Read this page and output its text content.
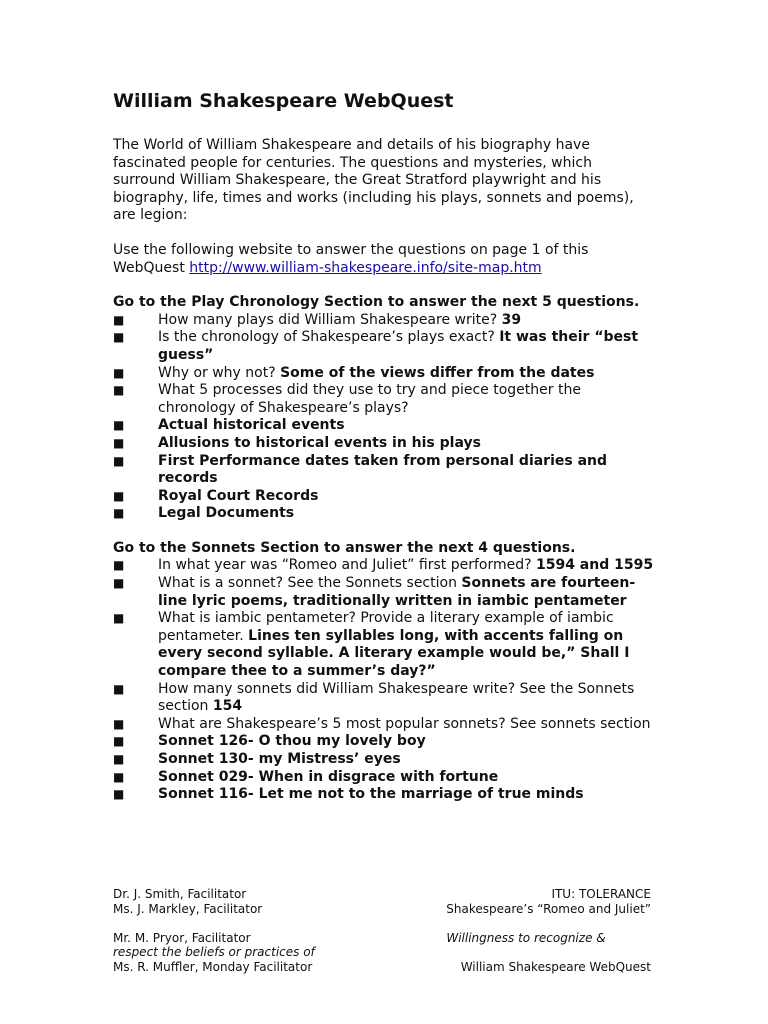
William Shakespeare WebQuest

The World of William Shakespeare and details of his biography have fascinated people for centuries. The questions and mysteries, which surround William Shakespeare, the Great Stratford playwright and his biography, life, times and works (including his plays, sonnets and poems), are legion:

Use the following website to answer the questions on page 1 of this WebQuest http://www.william-shakespeare.info/site-map.htm

Go to the Play Chronology Section to answer the next 5 questions.

■ How many plays did William Shakespeare write? 39
■ Is the chronology of Shakespeare’s plays exact? It was their “best guess”
■ Why or why not? Some of the views differ from the dates
■ What 5 processes did they use to try and piece together the chronology of Shakespeare’s plays?
■ Actual historical events
■ Allusions to historical events in his plays
■ First Performance dates taken from personal diaries and records
■ Royal Court Records
■ Legal Documents

Go to the Sonnets Section to answer the next 4 questions.

■ In what year was “Romeo and Juliet” first performed? 1594 and 1595
■ What is a sonnet? See the Sonnets section Sonnets are fourteen-line lyric poems, traditionally written in iambic pentameter
■ What is iambic pentameter? Provide a literary example of iambic pentameter. Lines ten syllables long, with accents falling on every second syllable. A literary example would be,” Shall I compare thee to a summer’s day?”
■ How many sonnets did William Shakespeare write? See the Sonnets section 154
■ What are Shakespeare’s 5 most popular sonnets? See sonnets section
■ Sonnet 126- O thou my lovely boy
■ Sonnet 130- my Mistress’ eyes
■ Sonnet 029- When in disgrace with fortune
■ Sonnet 116- Let me not to the marriage of true minds
Dr. J. Smith, Facilitator	ITU: TOLERANCE
Ms. J. Markley, Facilitator	Shakespeare’s “Romeo and Juliet”
Mr. M. Pryor, Facilitator	Willingness to recognize &
respect the beliefs or practices of
Ms. R. Muffler, Monday Facilitator	William Shakespeare WebQuest
